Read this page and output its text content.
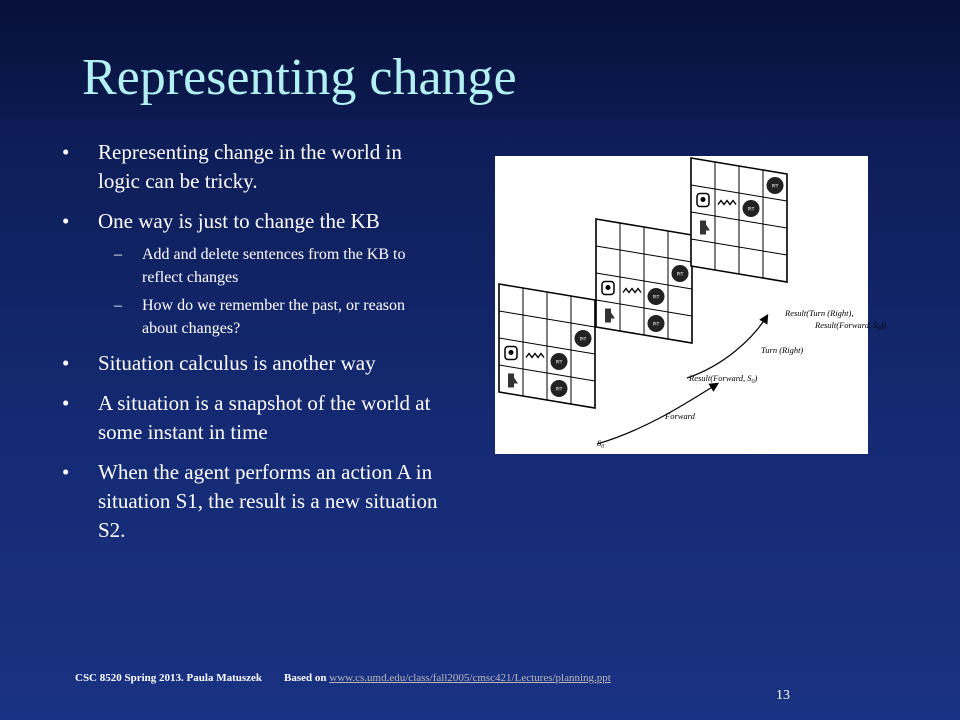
Representing change
• Representing change in the world in logic can be tricky.
• One way is just to change the KB
– Add and delete sentences from the KB to reflect changes
– How do we remember the past, or reason about changes?
• Situation calculus is another way
• A situation is a snapshot of the world at some instant in time
• When the agent performs an action A in situation S1, the result is a new situation S2.
PIT
PIT
PIT
PIT
PIT
PIT
PIT
PIT
Result(Turn (Right),
Result(Forward, $S_0$))
Turn (Right)
Result(Forward, $S_0$)
Forward
$S_0$
CSC 8520 Spring 2013. Paula Matuszek Based on www.cs.umd.edu/class/fall2005/cmsc421/Lectures/planning.ppt
13
